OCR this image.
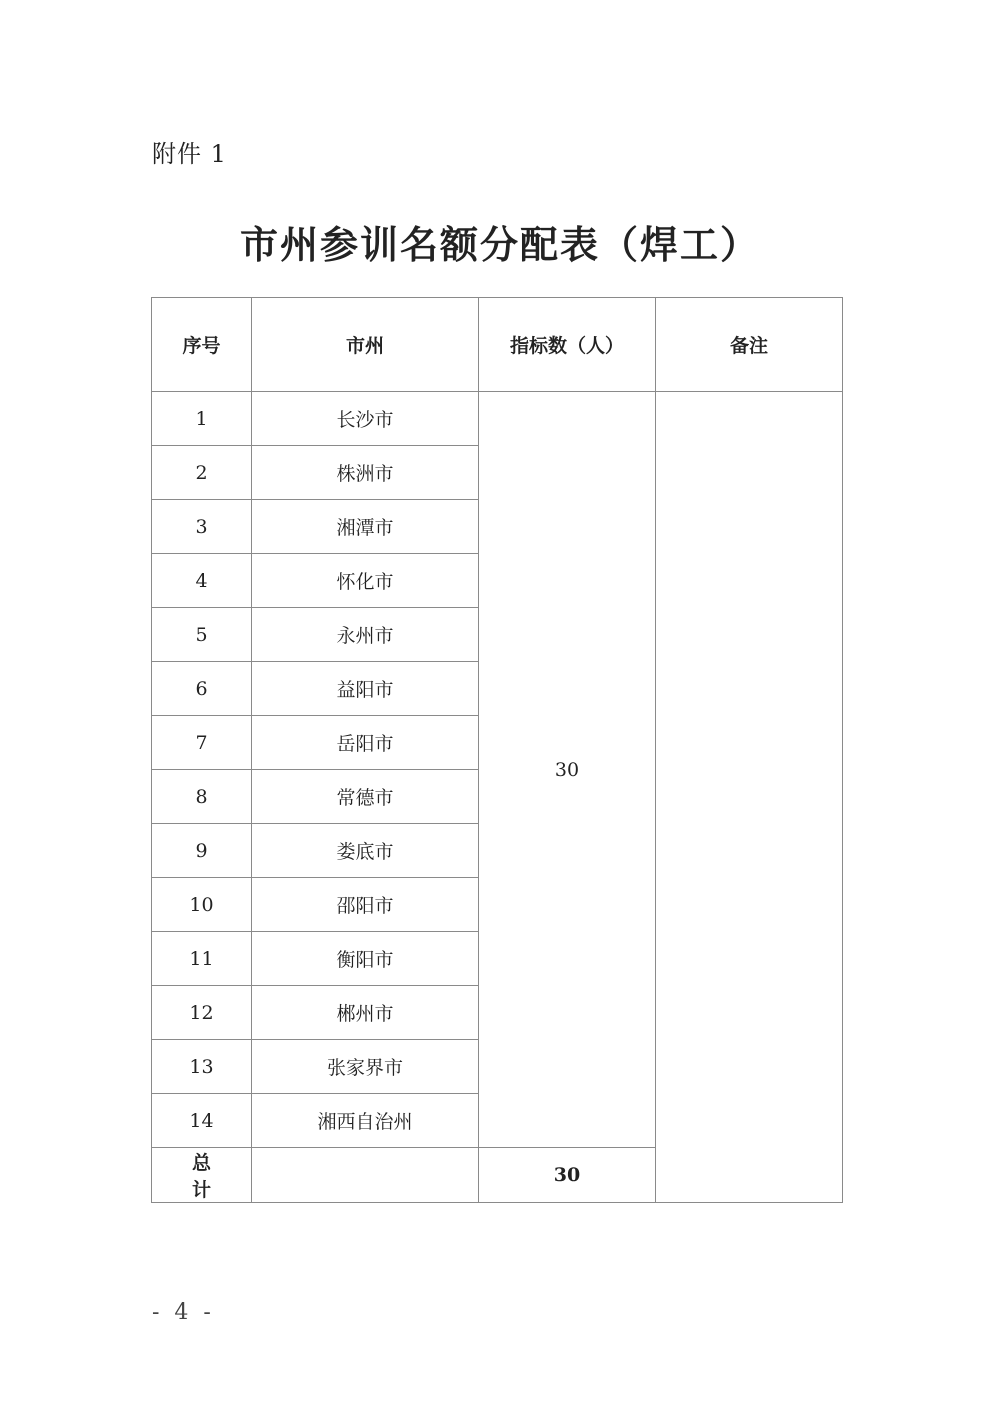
附件 1
市州参训名额分配表（焊工）
序号	市州	指标数（人）	备注
1	长沙市	30	
2	株洲市		
3	湘潭市		
4	怀化市		
5	永州市		
6	益阳市		
7	岳阳市		
8	常德市		
9	娄底市		
10	邵阳市		
11	衡阳市		
12	郴州市		
13	张家界市		
14	湘西自治州		
总计		30	
- 4 -
